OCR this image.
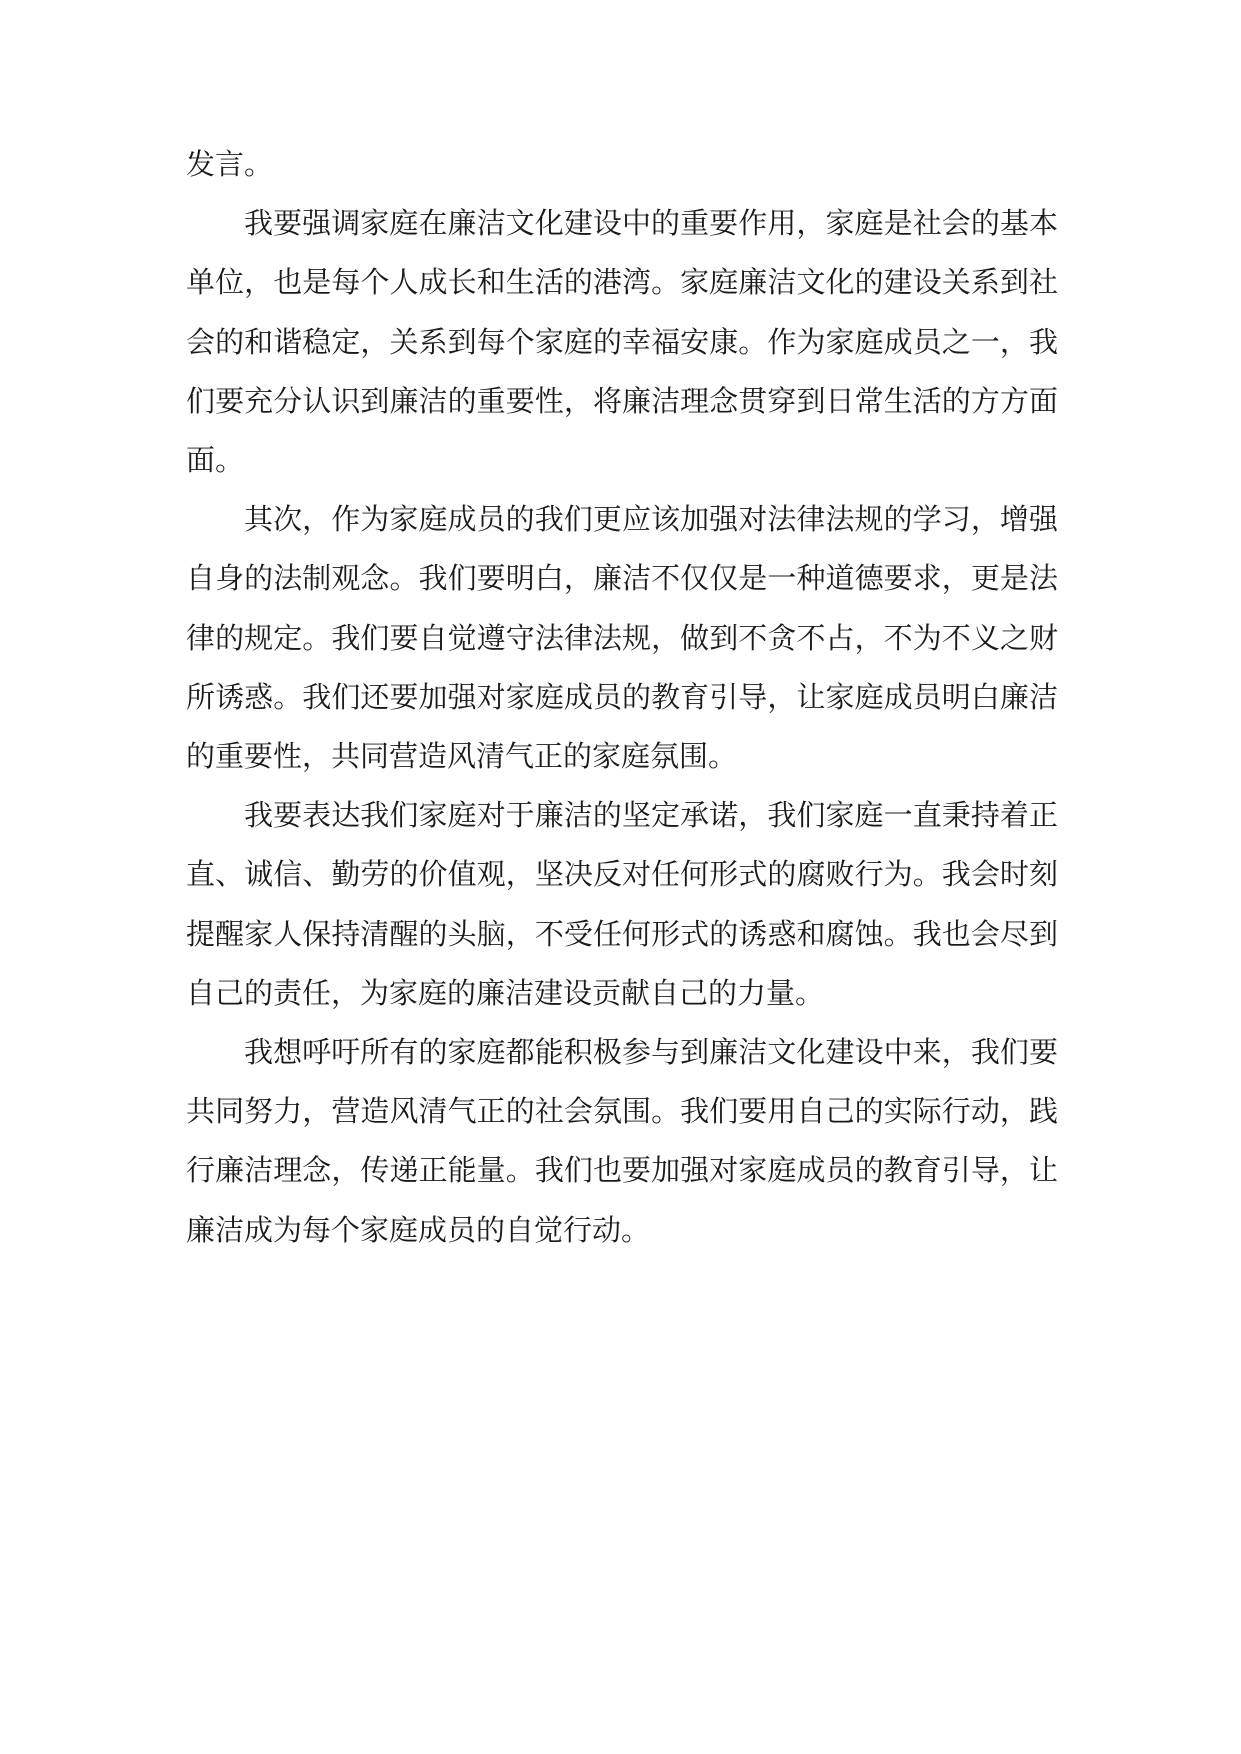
发言。

我要强调家庭在廉洁文化建设中的重要作用，家庭是社会的基本单位，也是每个人成长和生活的港湾。家庭廉洁文化的建设关系到社会的和谐稳定，关系到每个家庭的幸福安康。作为家庭成员之一，我们要充分认识到廉洁的重要性，将廉洁理念贯穿到日常生活的方方面面。

其次，作为家庭成员的我们更应该加强对法律法规的学习，增强自身的法制观念。我们要明白，廉洁不仅仅是一种道德要求，更是法律的规定。我们要自觉遵守法律法规，做到不贪不占，不为不义之财所诱惑。我们还要加强对家庭成员的教育引导，让家庭成员明白廉洁的重要性，共同营造风清气正的家庭氛围。

我要表达我们家庭对于廉洁的坚定承诺，我们家庭一直秉持着正直、诚信、勤劳的价值观，坚决反对任何形式的腐败行为。我会时刻提醒家人保持清醒的头脑，不受任何形式的诱惑和腐蚀。我也会尽到自己的责任，为家庭的廉洁建设贡献自己的力量。

我想呼吁所有的家庭都能积极参与到廉洁文化建设中来，我们要共同努力，营造风清气正的社会氛围。我们要用自己的实际行动，践行廉洁理念，传递正能量。我们也要加强对家庭成员的教育引导，让廉洁成为每个家庭成员的自觉行动。
